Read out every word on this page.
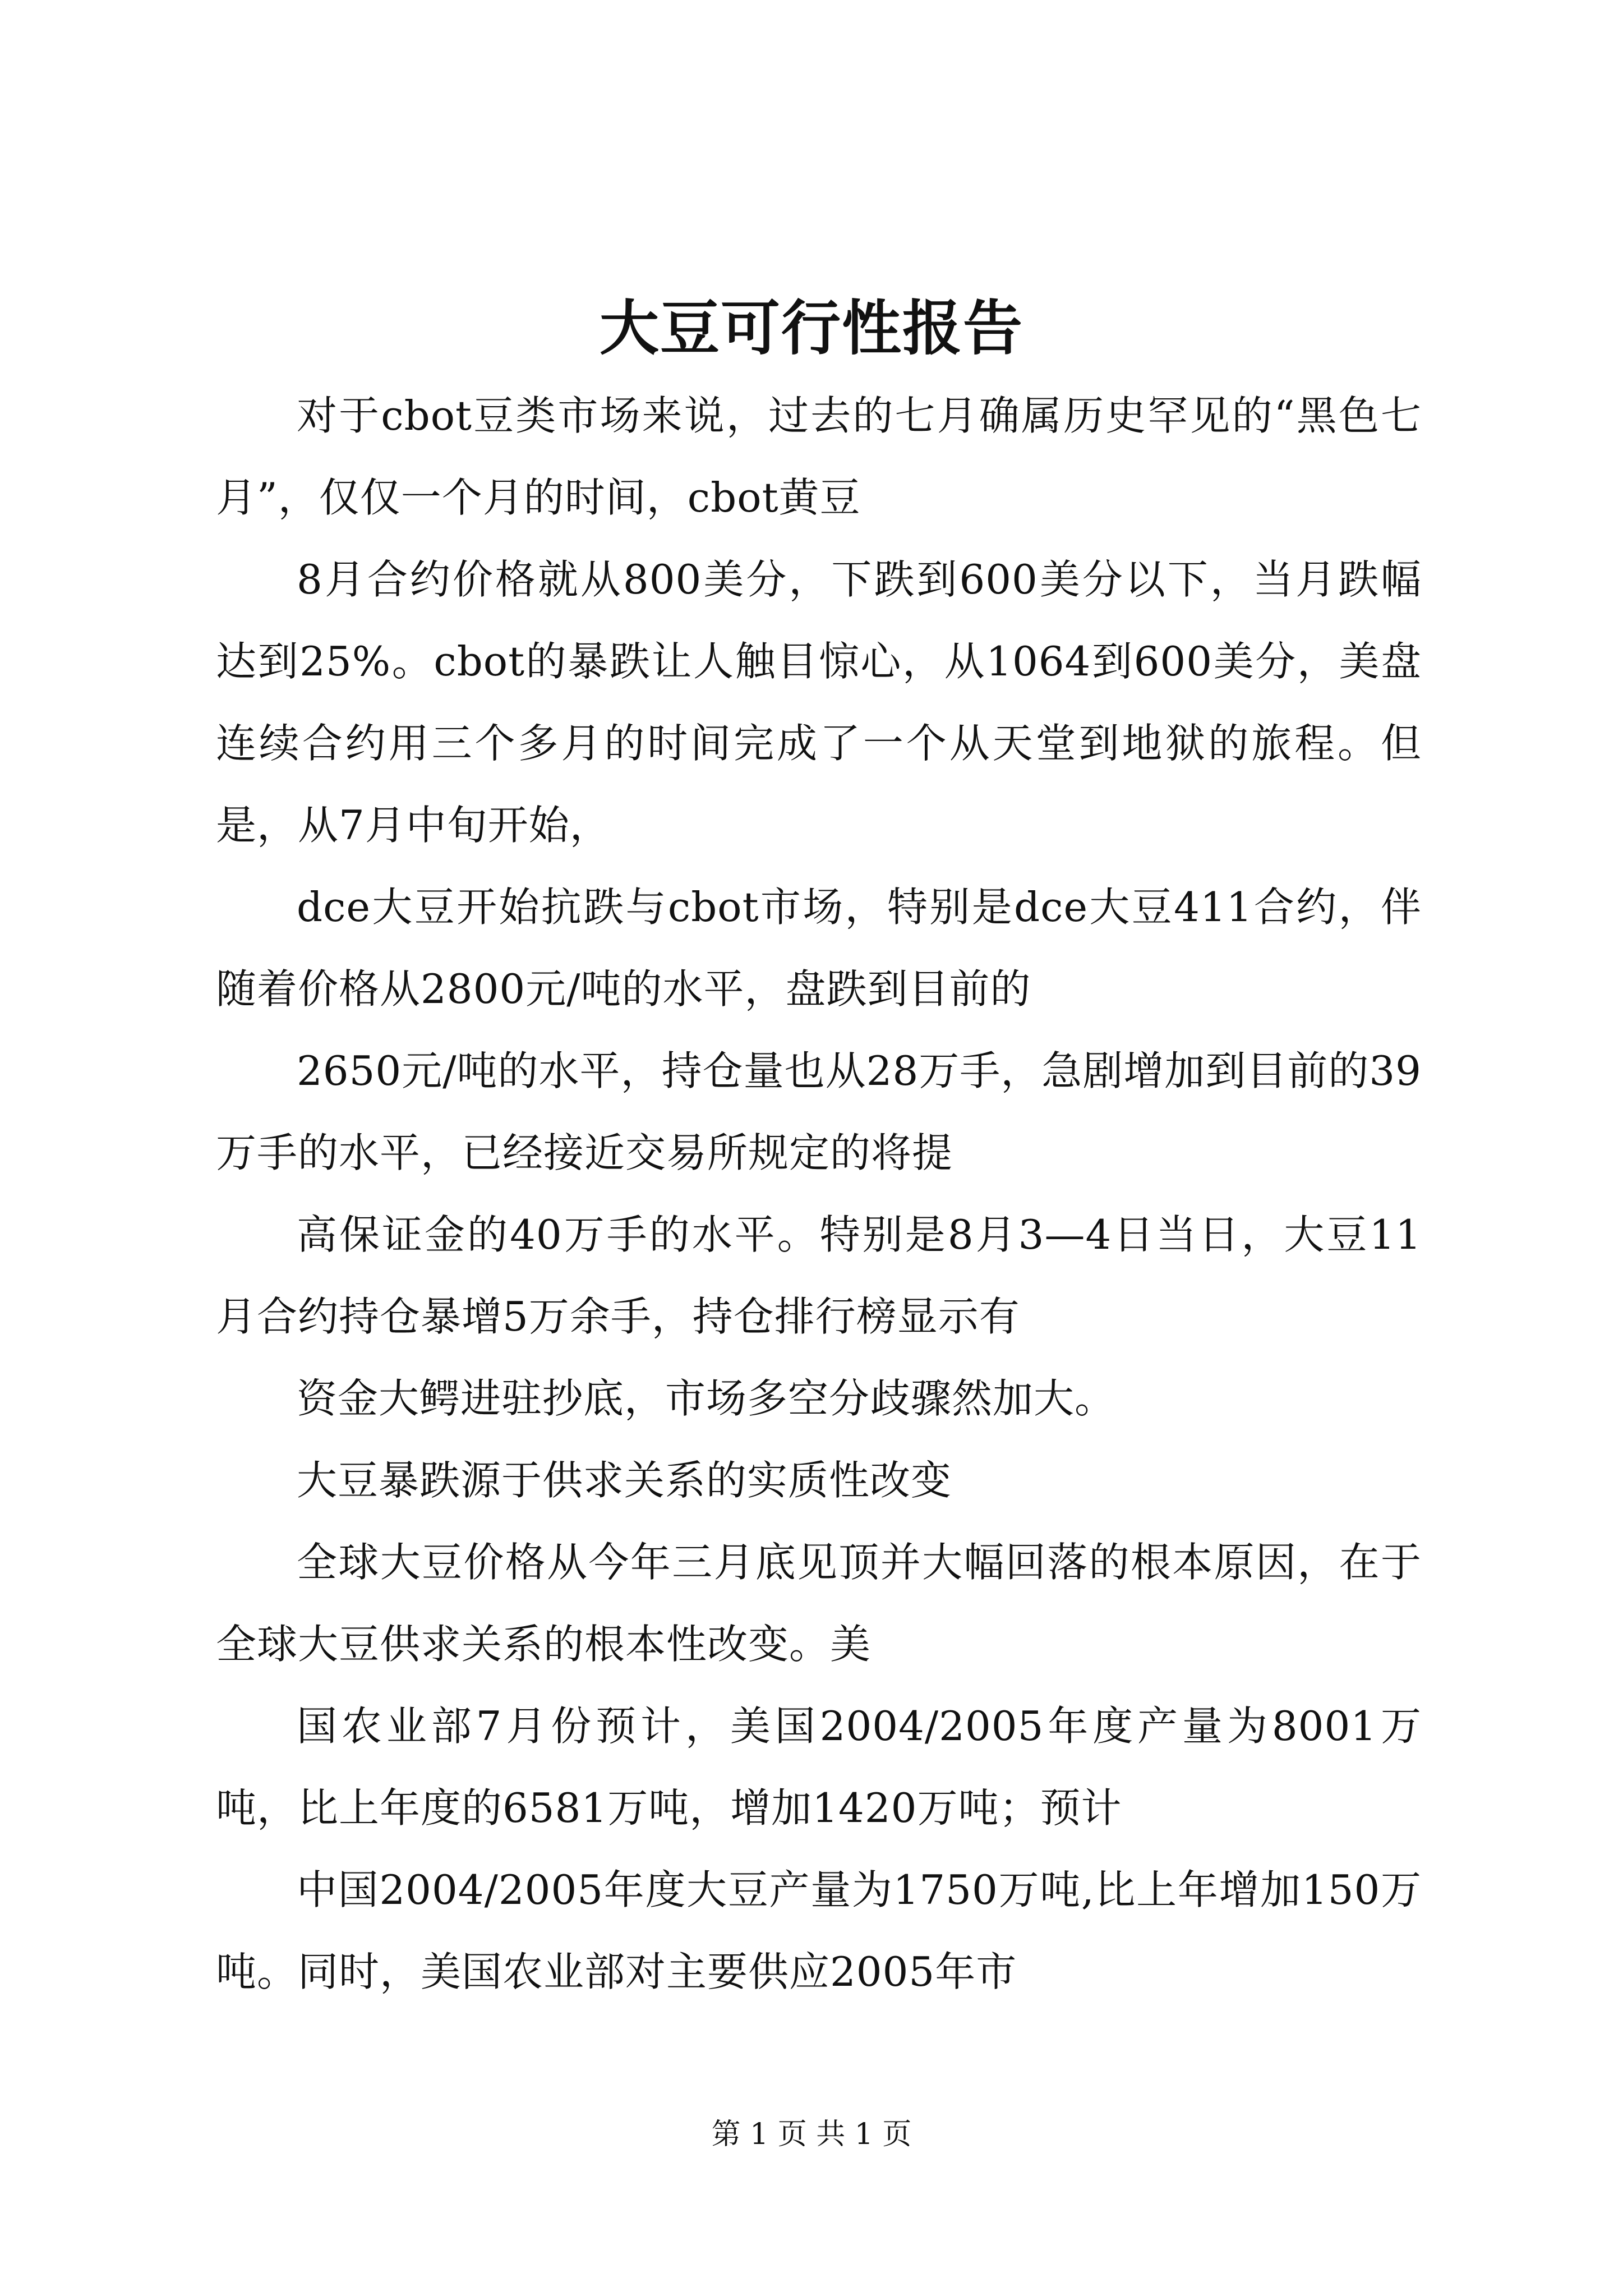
大豆可行性报告

对于cbot豆类市场来说，过去的七月确属历史罕见的“黑色七月”，仅仅一个月的时间，cbot黄豆

8月合约价格就从800美分，下跌到600美分以下，当月跌幅达到25%。cbot的暴跌让人触目惊心，从1064到600美分，美盘连续合约用三个多月的时间完成了一个从天堂到地狱的旅程。但是，从7月中旬开始，

dce大豆开始抗跌与cbot市场，特别是dce大豆411合约，伴随着价格从2800元/吨的水平，盘跌到目前的

2650元/吨的水平，持仓量也从28万手，急剧增加到目前的39万手的水平，已经接近交易所规定的将提

高保证金的40万手的水平。特别是8月3—4日当日，大豆11月合约持仓暴增5万余手，持仓排行榜显示有

资金大鳄进驻抄底，市场多空分歧骤然加大。

大豆暴跌源于供求关系的实质性改变

全球大豆价格从今年三月底见顶并大幅回落的根本原因，在于全球大豆供求关系的根本性改变。美

国农业部7月份预计，美国2004/2005年度产量为8001万吨，比上年度的6581万吨，增加1420万吨；预计

中国2004/2005年度大豆产量为1750万吨,比上年增加150万吨。同时，美国农业部对主要供应2005年市

第 1 页 共 1 页
